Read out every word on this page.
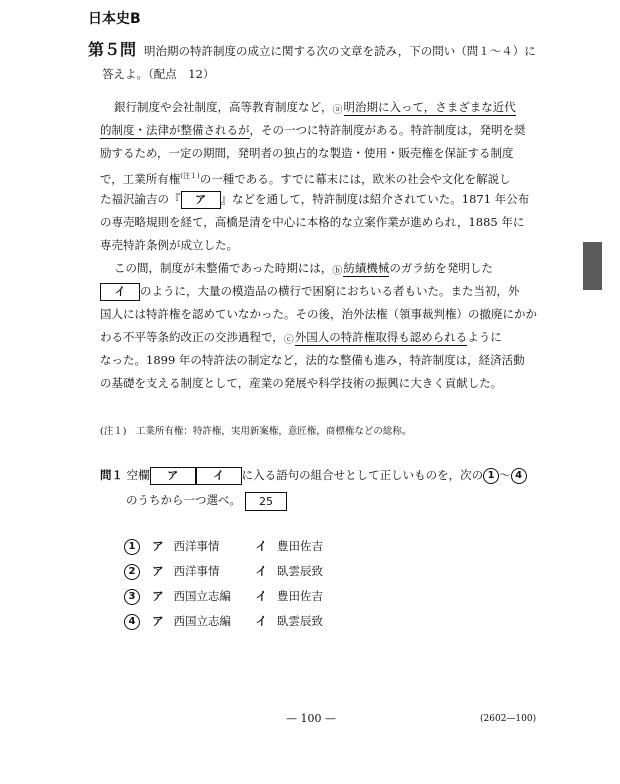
日本史B
第５問 明治期の特許制度の成立に関する次の文章を読み，下の問い（問１～４）に
答えよ。（配点　12）
銀行制度や会社制度，高等教育制度など，ⓐ明治期に入って，さまざまな近代
的制度・法律が整備されるが，その一つに特許制度がある。特許制度は，発明を奨
励するため，一定の期間，発明者の独占的な製造・使用・販売権を保証する制度
で，工業所有権$^{(注1)}$の一種である。すでに幕末には，欧米の社会や文化を解説し
た福沢諭吉の『 ア 』などを通して，特許制度は紹介されていた。1871 年公布
の専売略規則を経て，高橋是清を中心に本格的な立案作業が進められ，1885 年に
専売特許条例が成立した。
この間，制度が未整備であった時期には，ⓑ紡績機械のガラ紡を発明した
イ のように，大量の模造品の横行で困窮におちいる者もいた。また当初，外
国人には特許権を認めていなかった。その後，治外法権（領事裁判権）の撤廃にかか
わる不平等条約改正の交渉過程で，ⓒ外国人の特許権取得も認められるように
なった。1899 年の特許法の制定など，法的な整備も進み，特許制度は，経済活動
の基礎を支える制度として，産業の発展や科学技術の振興に大きく貢献した。
(注１)　工業所有権：特許権，実用新案権，意匠権，商標権などの総称。
問１ 空欄 ア	イ に入る語句の組合せとして正しいものを，次の 1 ～ 4
のうちから一つ選べ。 25
1 ア 西洋事情	イ 豊田佐吉
2 ア 西洋事情	イ 臥雲辰致
3 ア 西国立志編 イ 豊田佐吉
4 ア 西国立志編 イ 臥雲辰致
— 100 —	(2602—100)
